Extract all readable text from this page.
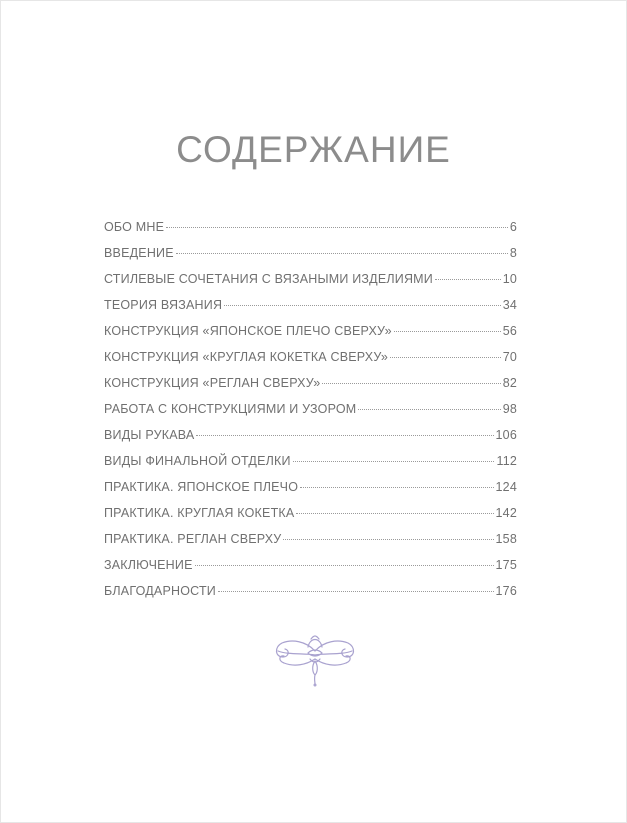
СОДЕРЖАНИЕ
ОБО МНЕ	6
ВВЕДЕНИЕ	8
СТИЛЕВЫЕ СОЧЕТАНИЯ С ВЯЗАНЫМИ ИЗДЕЛИЯМИ	10
ТЕОРИЯ ВЯЗАНИЯ	34
КОНСТРУКЦИЯ «ЯПОНСКОЕ ПЛЕЧО СВЕРХУ»	56
КОНСТРУКЦИЯ «КРУГЛАЯ КОКЕТКА СВЕРХУ»	70
КОНСТРУКЦИЯ «РЕГЛАН СВЕРХУ»	82
РАБОТА С КОНСТРУКЦИЯМИ И УЗОРОМ	98
ВИДЫ РУКАВА	106
ВИДЫ ФИНАЛЬНОЙ ОТДЕЛКИ	112
ПРАКТИКА. ЯПОНСКОЕ ПЛЕЧО	124
ПРАКТИКА. КРУГЛАЯ КОКЕТКА	142
ПРАКТИКА. РЕГЛАН СВЕРХУ	158
ЗАКЛЮЧЕНИЕ	175
БЛАГОДАРНОСТИ	176
